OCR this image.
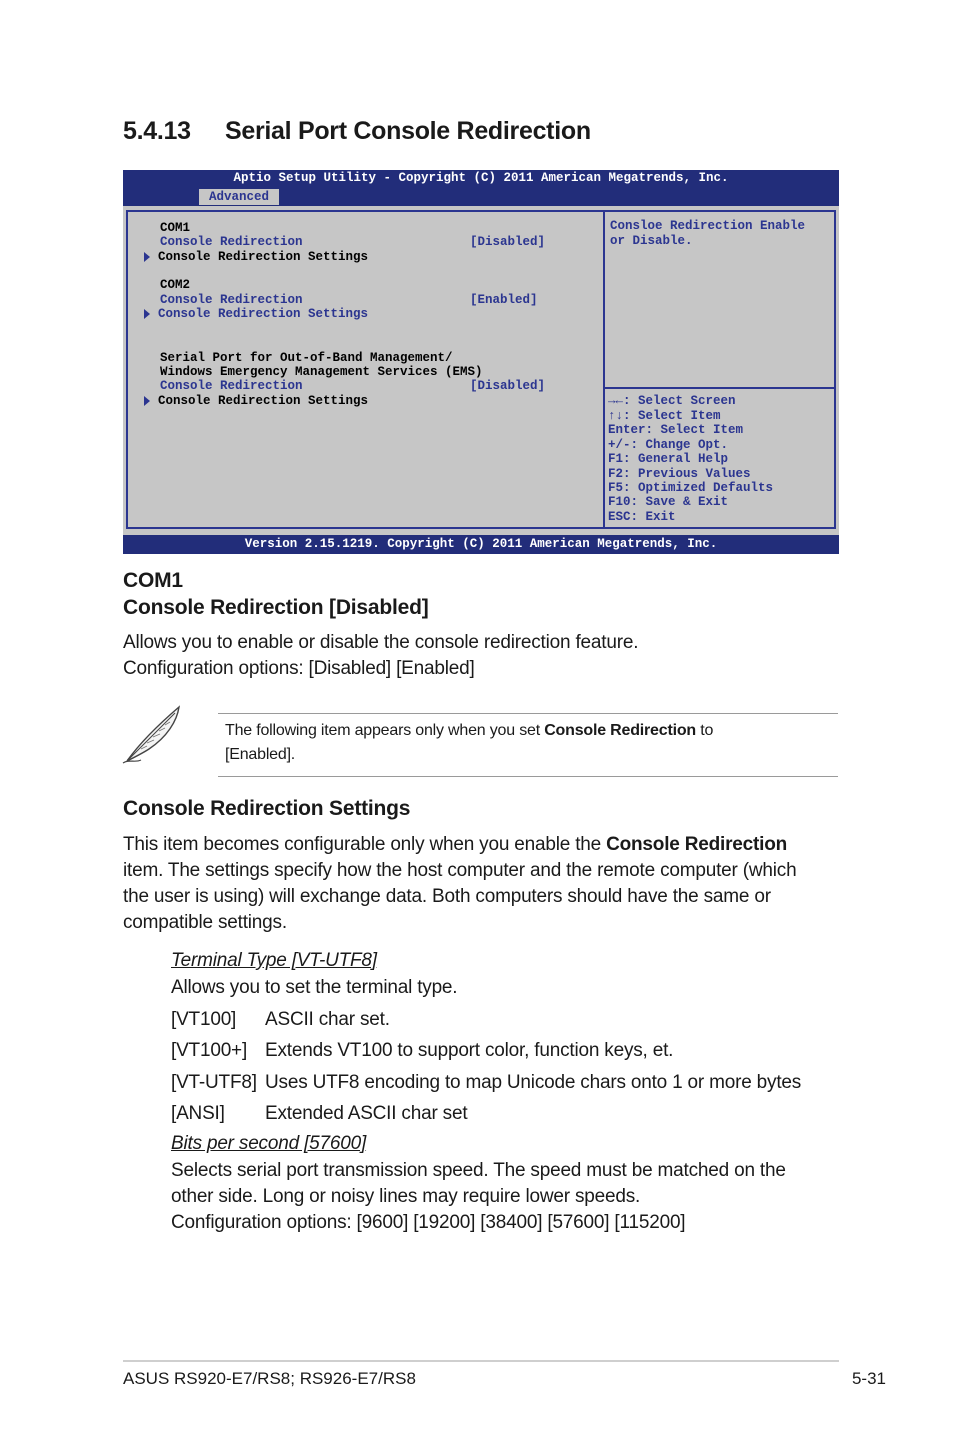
5.4.13 Serial Port Console Redirection
Aptio Setup Utility - Copyright (C) 2011 American Megatrends, Inc.
Advanced
COM1
Console Redirection	[Disabled]
Console Redirection Settings
COM2
Console Redirection	[Enabled]
Console Redirection Settings
Serial Port for Out-of-Band Management/
Windows Emergency Management Services (EMS)
Console Redirection	[Disabled]
Console Redirection Settings
Consloe Redirection Enable
or Disable.
→←: Select Screen
↑↓: Select Item
Enter: Select Item
+/-: Change Opt.
F1: General Help
F2: Previous Values
F5: Optimized Defaults
F10: Save & Exit
ESC: Exit
Version 2.15.1219. Copyright (C) 2011 American Megatrends, Inc.
COM1
Console Redirection [Disabled]
Allows you to enable or disable the console redirection feature.
Configuration options: [Disabled] [Enabled]
The following item appears only when you set Console Redirection to
[Enabled].
Console Redirection Settings
This item becomes configurable only when you enable the Console Redirection
item. The settings specify how the host computer and the remote computer (which
the user is using) will exchange data. Both computers should have the same or
compatible settings.
Terminal Type [VT-UTF8]
Allows you to set the terminal type.
[VT100] ASCII char set.
[VT100+] Extends VT100 to support color, function keys, et.
[VT-UTF8] Uses UTF8 encoding to map Unicode chars onto 1 or more bytes
[ANSI] Extended ASCII char set
Bits per second [57600]
Selects serial port transmission speed. The speed must be matched on the
other side. Long or noisy lines may require lower speeds.
Configuration options: [9600] [19200] [38400] [57600] [115200]
ASUS RS920-E7/RS8; RS926-E7/RS8	5-31
